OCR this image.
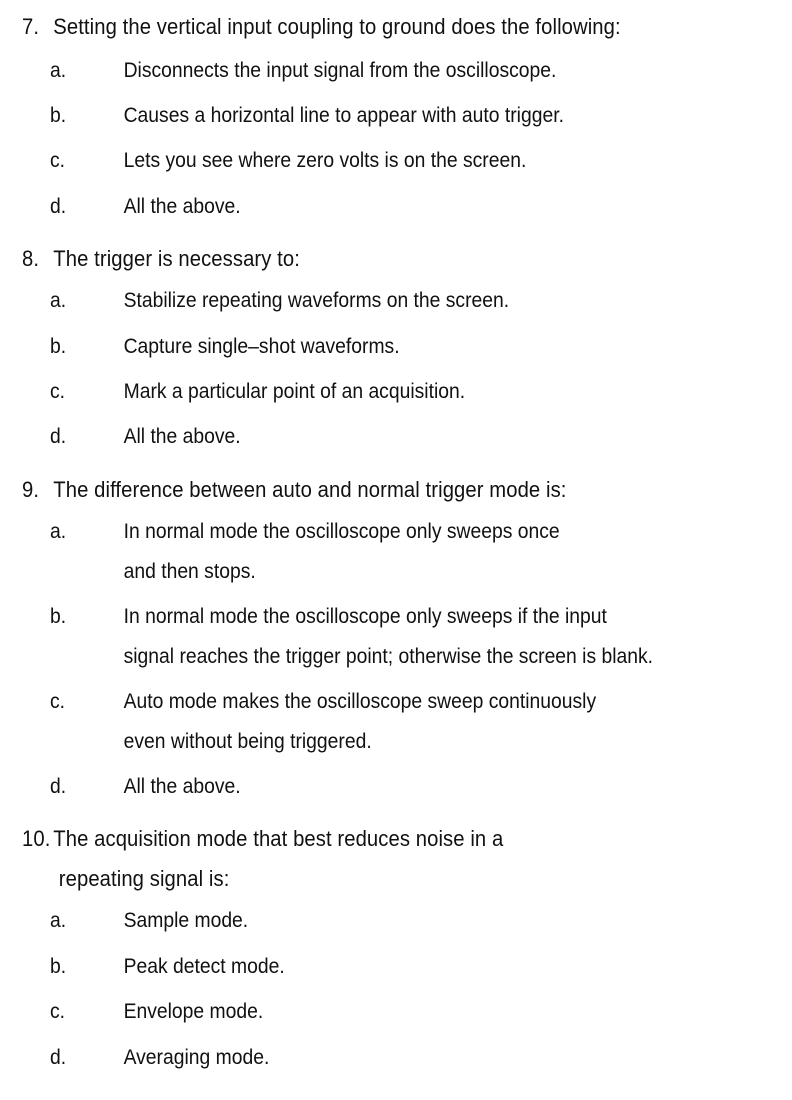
7. Setting the vertical input coupling to ground does the following:
a.	Disconnects the input signal from the oscilloscope.
b.	Causes a horizontal line to appear with auto trigger.
c.	Lets you see where zero volts is on the screen.
d.	All the above.
8. The trigger is necessary to:
a.	Stabilize repeating waveforms on the screen.
b.	Capture single–shot waveforms.
c.	Mark a particular point of an acquisition.
d.	All the above.
9. The difference between auto and normal trigger mode is:
a.	In normal mode the oscilloscope only sweeps once
and then stops.
b.	In normal mode the oscilloscope only sweeps if the input
signal reaches the trigger point; otherwise the screen is blank.
c.	Auto mode makes the oscilloscope sweep continuously
even without being triggered.
d.	All the above.
10. The acquisition mode that best reduces noise in a
repeating signal is:
a.	Sample mode.
b.	Peak detect mode.
c.	Envelope mode.
d.	Averaging mode.
